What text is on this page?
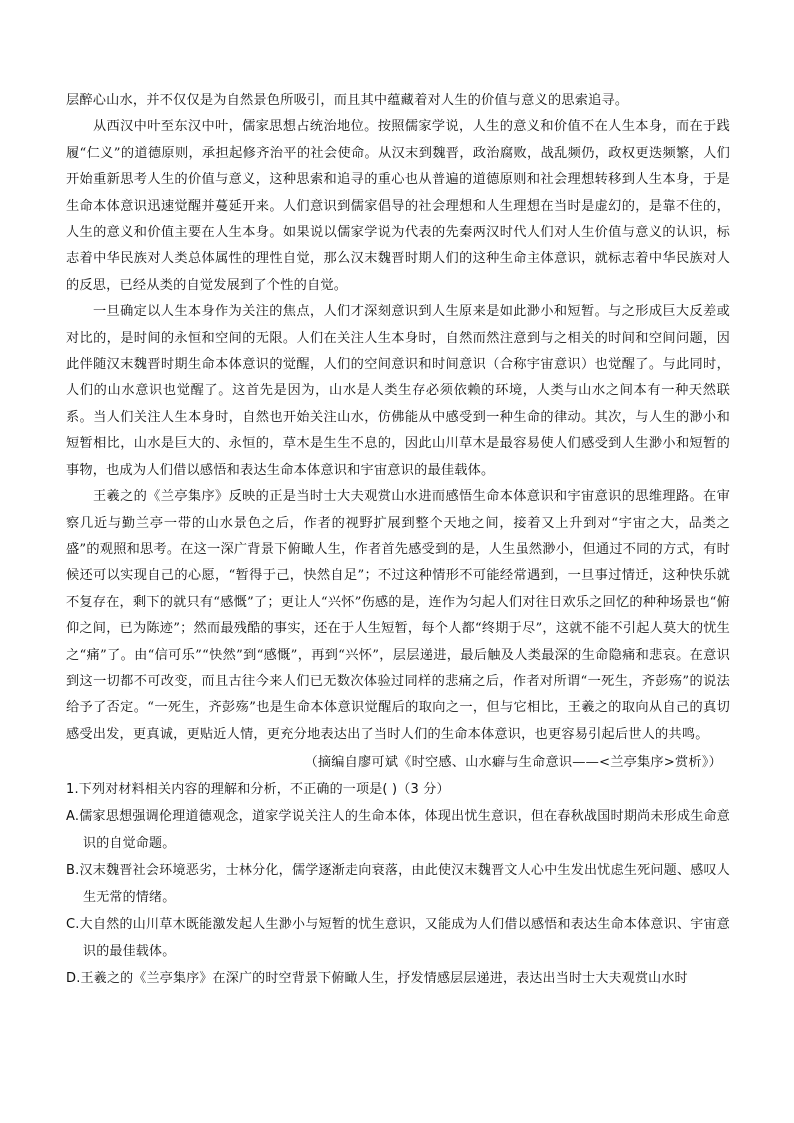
层醉心山水，并不仅仅是为自然景色所吸引，而且其中蕴藏着对人生的价值与意义的思索追寻。

从西汉中叶至东汉中叶，儒家思想占统治地位。按照儒家学说，人生的意义和价值不在人生本身，而在于践履“仁义”的道德原则，承担起修齐治平的社会使命。从汉末到魏晋，政治腐败，战乱频仍，政权更迭频繁，人们开始重新思考人生的价值与意义，这种思索和追寻的重心也从普遍的道德原则和社会理想转移到人生本身，于是生命本体意识迅速觉醒并蔓延开来。人们意识到儒家倡导的社会理想和人生理想在当时是虚幻的，是靠不住的，人生的意义和价值主要在人生本身。如果说以儒家学说为代表的先秦两汉时代人们对人生价值与意义的认识，标志着中华民族对人类总体属性的理性自觉，那么汉末魏晋时期人们的这种生命主体意识，就标志着中华民族对人的反思，已经从类的自觉发展到了个性的自觉。

一旦确定以人生本身作为关注的焦点，人们才深刻意识到人生原来是如此渺小和短暂。与之形成巨大反差或对比的，是时间的永恒和空间的无限。人们在关注人生本身时，自然而然注意到与之相关的时间和空间问题，因此伴随汉末魏晋时期生命本体意识的觉醒，人们的空间意识和时间意识（合称宇宙意识）也觉醒了。与此同时，人们的山水意识也觉醒了。这首先是因为，山水是人类生存必须依赖的环境，人类与山水之间本有一种天然联系。当人们关注人生本身时，自然也开始关注山水，仿佛能从中感受到一种生命的律动。其次，与人生的渺小和短暂相比，山水是巨大的、永恒的，草木是生生不息的，因此山川草木是最容易使人们感受到人生渺小和短暂的事物，也成为人们借以感悟和表达生命本体意识和宇宙意识的最佳载体。

王羲之的《兰亭集序》反映的正是当时士大夫观赏山水进而感悟生命本体意识和宇宙意识的思维理路。在审察几近与勤兰亭一带的山水景色之后，作者的视野扩展到整个天地之间，接着又上升到对“宇宙之大，品类之盛”的观照和思考。在这一深广背景下俯瞰人生，作者首先感受到的是，人生虽然渺小，但通过不同的方式，有时候还可以实现自己的心愿，“暂得于己，快然自足”；不过这种情形不可能经常遇到，一旦事过情迁，这种快乐就不复存在，剩下的就只有“感慨”了；更让人“兴怀”伤感的是，连作为匀起人们对往日欢乐之回忆的种种场景也“俯仰之间，已为陈迹”；然而最残酷的事实，还在于人生短暂，每个人都“终期于尽”，这就不能不引起人莫大的忧生之“痛”了。由“信可乐”“快然”到“感慨”，再到“兴怀”，层层递进，最后触及人类最深的生命隐痛和悲哀。在意识到这一切都不可改变，而且古往今来人们已无数次体验过同样的悲痛之后，作者对所谓“一死生，齐彭殇”的说法给予了否定。“一死生，齐彭殇”也是生命本体意识觉醒后的取向之一，但与它相比，王羲之的取向从自己的真切感受出发，更真诚，更贴近人情，更充分地表达出了当时人们的生命本体意识，也更容易引起后世人的共鸣。

（摘编自廖可斌《时空感、山水癖与生命意识——<兰亭集序>赏析》）

1.下列对材料相关内容的理解和分析，不正确的一项是( )（3 分）

A.儒家思想强调伦理道德观念，道家学说关注人的生命本体，体现出忧生意识，但在春秋战国时期尚未形成生命意识的自觉命题。

B.汉末魏晋社会环境恶劣，士林分化，儒学逐渐走向衰落，由此使汉末魏晋文人心中生发出忧虑生死问题、感叹人生无常的情绪。

C.大自然的山川草木既能激发起人生渺小与短暂的忧生意识，又能成为人们借以感悟和表达生命本体意识、宇宙意识的最佳载体。

D.王羲之的《兰亭集序》在深广的时空背景下俯瞰人生，抒发情感层层递进，表达出当时士大夫观赏山水时
